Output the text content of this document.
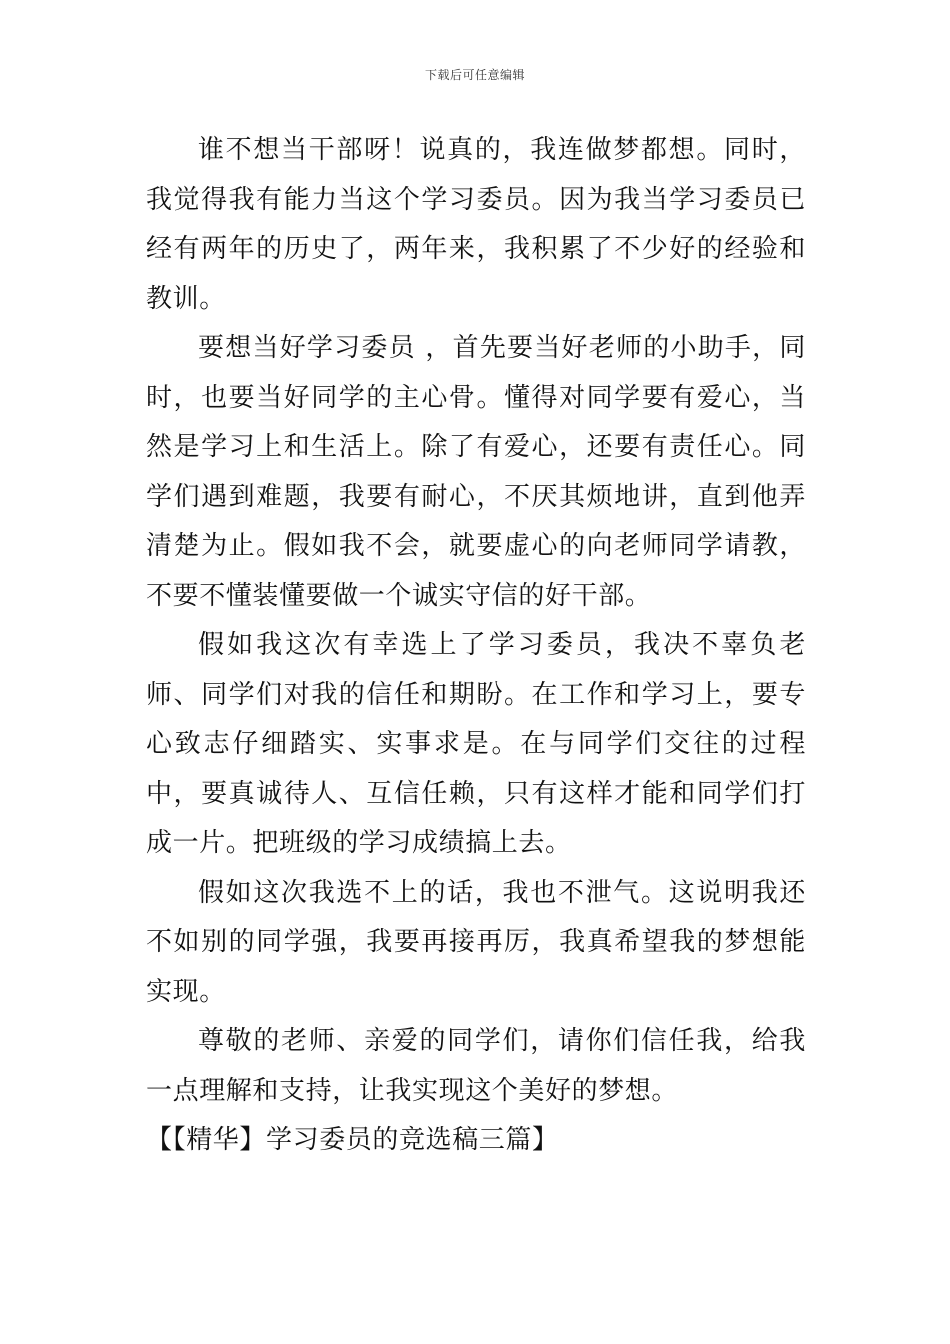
下载后可任意编辑

谁不想当干部呀！说真的，我连做梦都想。同时，我觉得我有能力当这个学习委员。因为我当学习委员已经有两年的历史了，两年来，我积累了不少好的经验和教训。

要想当好学习委员 ，首先要当好老师的小助手，同时，也要当好同学的主心骨。懂得对同学要有爱心，当然是学习上和生活上。除了有爱心，还要有责任心。同学们遇到难题，我要有耐心，不厌其烦地讲，直到他弄清楚为止。假如我不会，就要虚心的向老师同学请教，不要不懂装懂要做一个诚实守信的好干部。

假如我这次有幸选上了学习委员，我决不辜负老师、同学们对我的信任和期盼。在工作和学习上，要专心致志仔细踏实、实事求是。在与同学们交往的过程中，要真诚待人、互信任赖，只有这样才能和同学们打成一片。把班级的学习成绩搞上去。

假如这次我选不上的话，我也不泄气。这说明我还不如别的同学强，我要再接再厉，我真希望我的梦想能实现。

尊敬的老师、亲爱的同学们，请你们信任我，给我一点理解和支持，让我实现这个美好的梦想。

【【精华】学习委员的竞选稿三篇】
